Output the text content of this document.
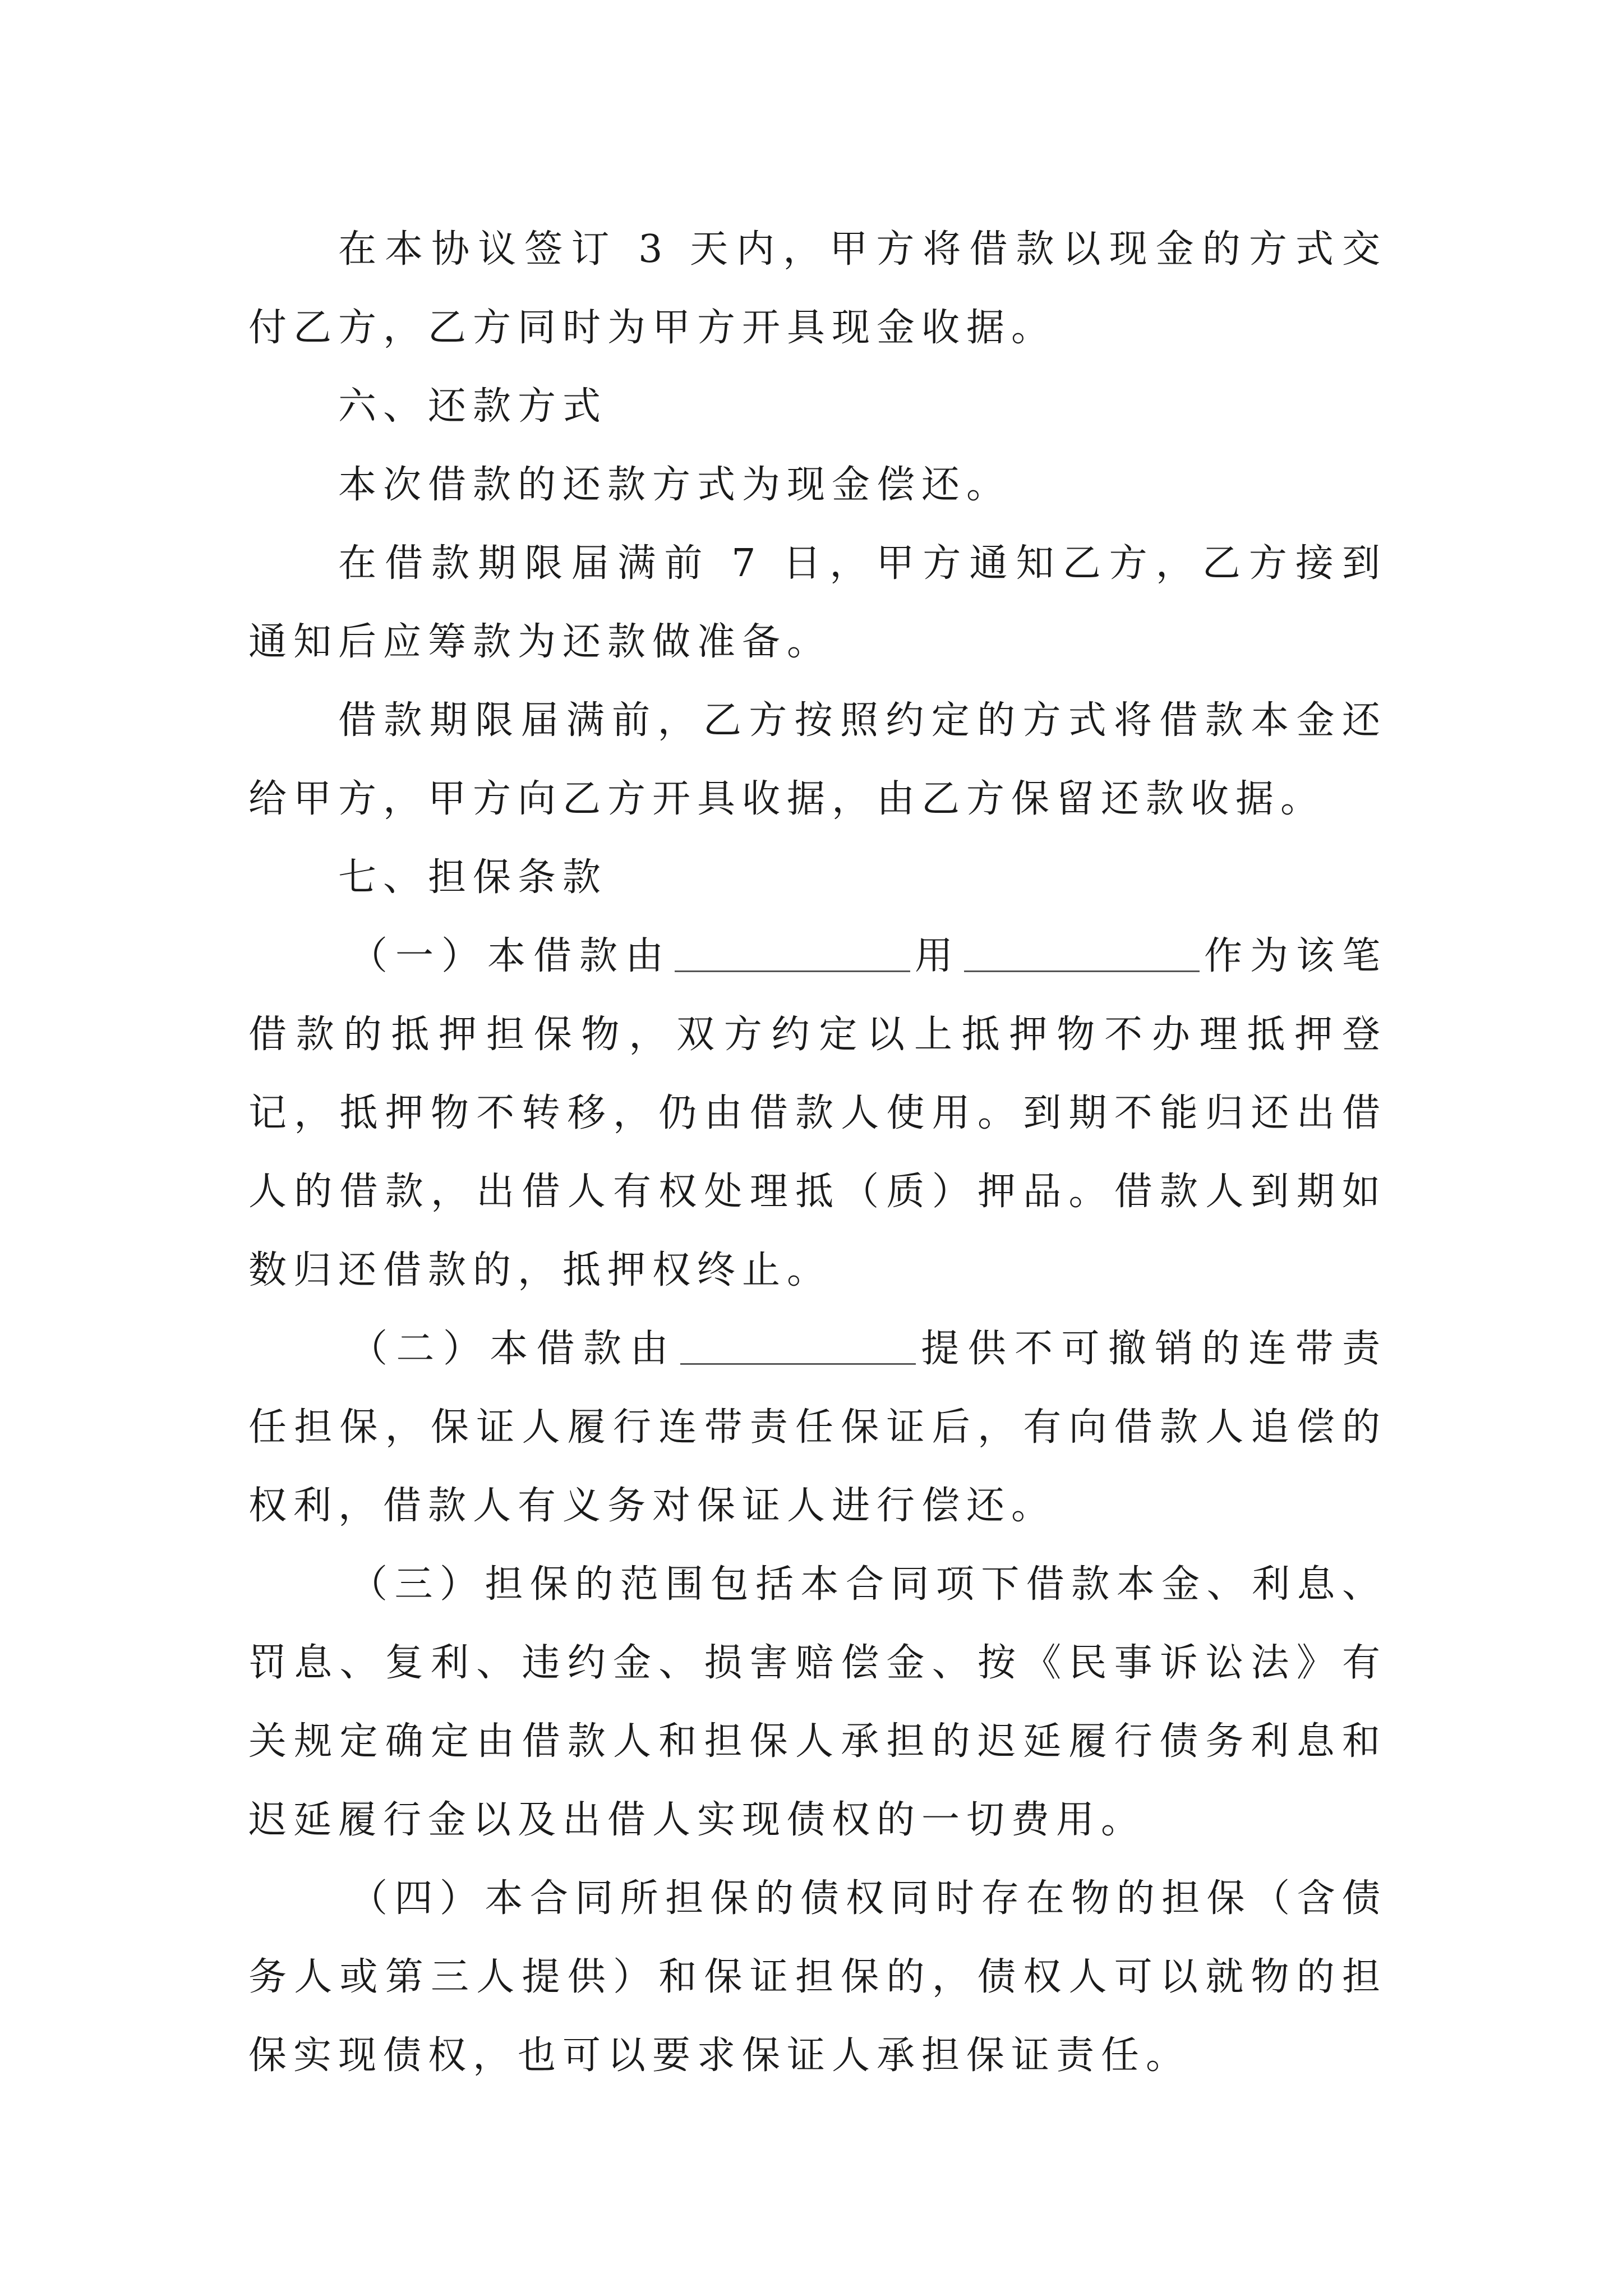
在本协议签订 3 天内，甲方将借款以现金的方式交付乙方，乙方同时为甲方开具现金收据。

六、还款方式

本次借款的还款方式为现金偿还。

在借款期限届满前 7 日，甲方通知乙方，乙方接到通知后应筹款为还款做准备。

借款期限届满前，乙方按照约定的方式将借款本金还给甲方，甲方向乙方开具收据，由乙方保留还款收据。

七、担保条款

（一）本借款由	用	作为该笔借款的抵押担保物，双方约定以上抵押物不办理抵押登记，抵押物不转移，仍由借款人使用。到期不能归还出借人的借款，出借人有权处理抵（质）押品。借款人到期如数归还借款的，抵押权终止。

（二）本借款由	提供不可撤销的连带责任担保，保证人履行连带责任保证后，有向借款人追偿的权利，借款人有义务对保证人进行偿还。

（三）担保的范围包括本合同项下借款本金、利息、罚息、复利、违约金、损害赔偿金、按《民事诉讼法》有关规定确定由借款人和担保人承担的迟延履行债务利息和迟延履行金以及出借人实现债权的一切费用。

（四）本合同所担保的债权同时存在物的担保（含债务人或第三人提供）和保证担保的，债权人可以就物的担保实现债权，也可以要求保证人承担保证责任。
